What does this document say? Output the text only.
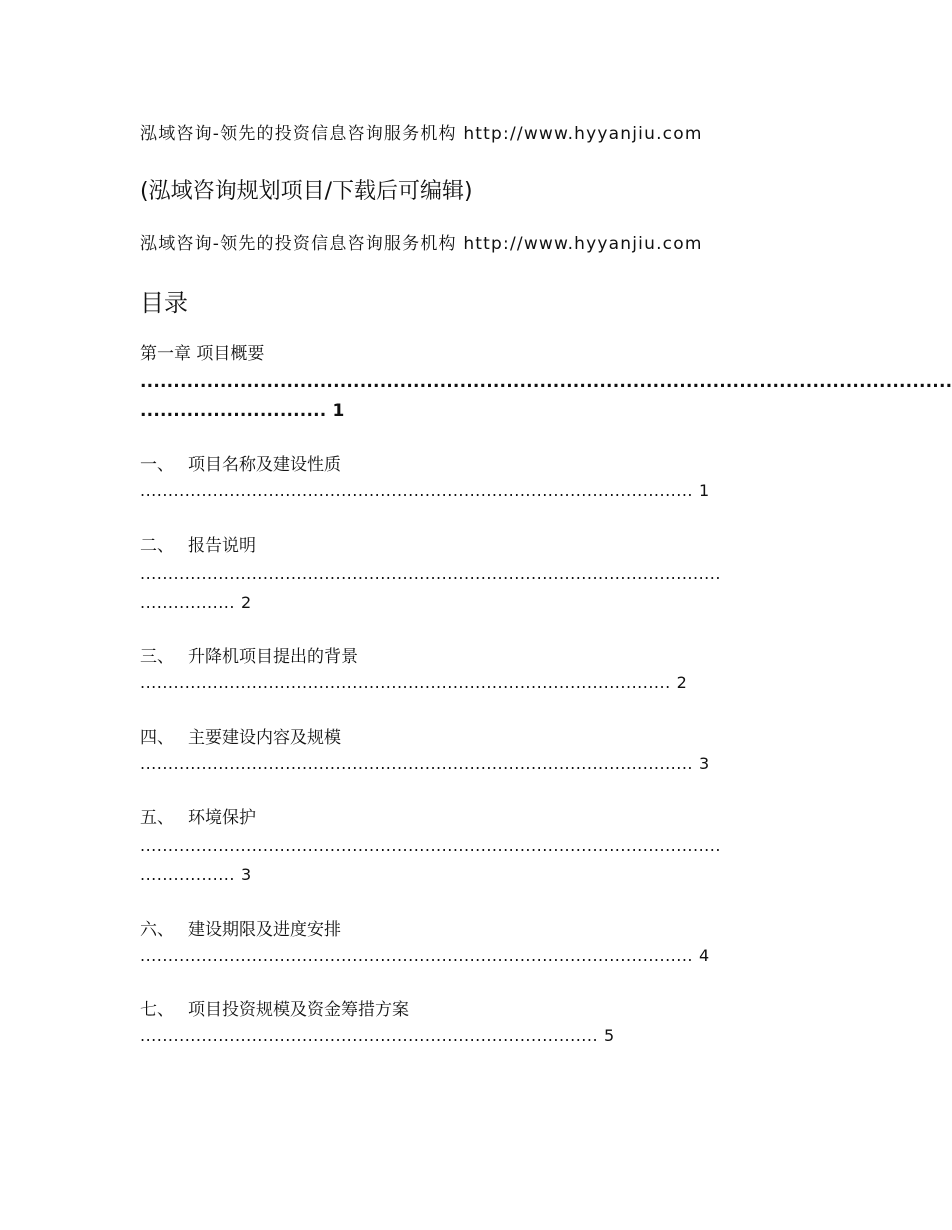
泓域咨询-领先的投资信息咨询服务机构 http://www.hyyanjiu.com
(泓域咨询规划项目/下载后可编辑)
泓域咨询-领先的投资信息咨询服务机构 http://www.hyyanjiu.com
目录
第一章 项目概要
..........................................................................................................................
............................ 1
一、 项目名称及建设性质
................................................................................................... 1
二、 报告说明
........................................................................................................
................. 2
三、 升降机项目提出的背景
............................................................................................... 2
四、 主要建设内容及规模
................................................................................................... 3
五、 环境保护
........................................................................................................
................. 3
六、 建设期限及进度安排
................................................................................................... 4
七、 项目投资规模及资金筹措方案
.................................................................................. 5
